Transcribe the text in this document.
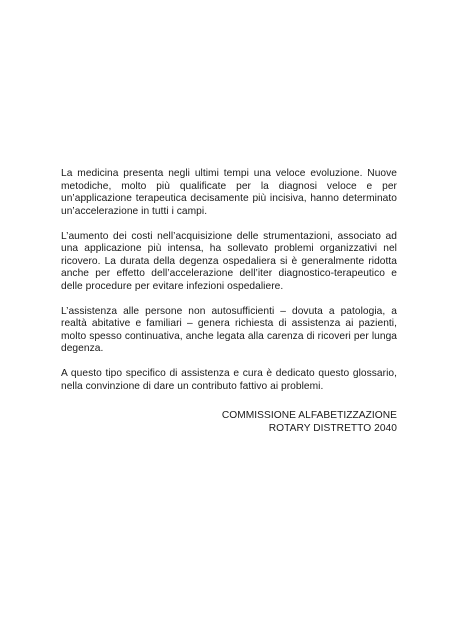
La medicina presenta negli ultimi tempi una veloce evoluzione. Nuove metodiche, molto più qualificate per la diagnosi veloce e per un’applicazione terapeutica decisamente più incisiva, hanno determinato un’accelerazione in tutti i campi.

L’aumento dei costi nell’acquisizione delle strumentazioni, associato ad una applicazione più intensa, ha sollevato problemi organizzativi nel ricovero. La durata della degenza ospedaliera si è generalmente ridotta anche per effetto dell’accelerazione dell’iter diagnostico-terapeutico e delle procedure per evitare infezioni ospedaliere.

L’assistenza alle persone non autosufficienti – dovuta a patologia, a realtà abitative e familiari – genera richiesta di assistenza ai pazienti, molto spesso continuativa, anche legata alla carenza di ricoveri per lunga degenza.

A questo tipo specifico di assistenza e cura è dedicato questo glossario, nella convinzione di dare un contributo fattivo ai problemi.

COMMISSIONE ALFABETIZZAZIONE
ROTARY DISTRETTO 2040
